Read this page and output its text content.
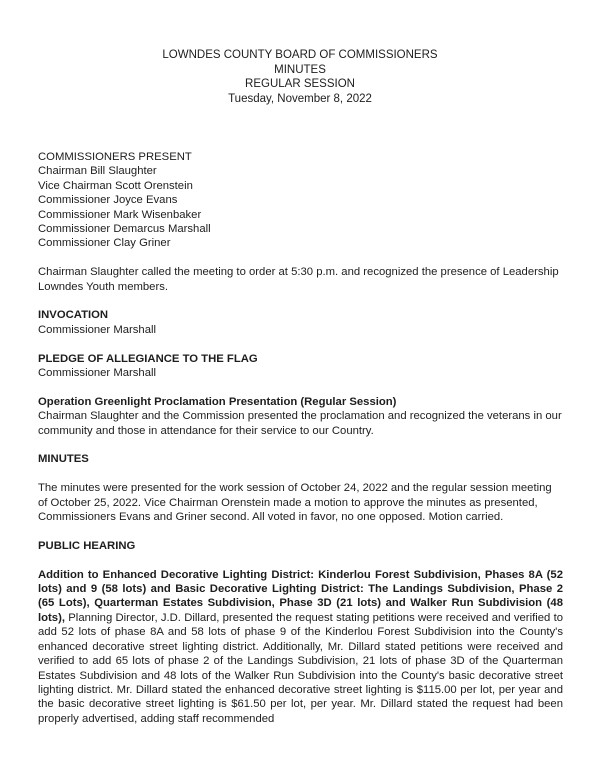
LOWNDES COUNTY BOARD OF COMMISSIONERS
MINUTES
REGULAR SESSION
Tuesday, November 8, 2022
COMMISSIONERS PRESENT
Chairman Bill Slaughter
Vice Chairman Scott Orenstein
Commissioner Joyce Evans
Commissioner Mark Wisenbaker
Commissioner Demarcus Marshall
Commissioner Clay Griner

Chairman Slaughter called the meeting to order at 5:30 p.m. and recognized the presence of Leadership Lowndes Youth members.

INVOCATION

Commissioner Marshall

PLEDGE OF ALLEGIANCE TO THE FLAG

Commissioner Marshall

Operation Greenlight Proclamation Presentation (Regular Session)

Chairman Slaughter and the Commission presented the proclamation and recognized the veterans in our community and those in attendance for their service to our Country.

MINUTES

The minutes were presented for the work session of October 24, 2022 and the regular session meeting of October 25, 2022. Vice Chairman Orenstein made a motion to approve the minutes as presented, Commissioners Evans and Griner second. All voted in favor, no one opposed. Motion carried.

PUBLIC HEARING

Addition to Enhanced Decorative Lighting District: Kinderlou Forest Subdivision, Phases 8A (52 lots) and 9 (58 lots) and Basic Decorative Lighting District: The Landings Subdivision, Phase 2 (65 Lots), Quarterman Estates Subdivision, Phase 3D (21 lots) and Walker Run Subdivision (48 lots), Planning Director, J.D. Dillard, presented the request stating petitions were received and verified to add 52 lots of phase 8A and 58 lots of phase 9 of the Kinderlou Forest Subdivision into the County's enhanced decorative street lighting district. Additionally, Mr. Dillard stated petitions were received and verified to add 65 lots of phase 2 of the Landings Subdivision, 21 lots of phase 3D of the Quarterman Estates Subdivision and 48 lots of the Walker Run Subdivision into the County's basic decorative street lighting district. Mr. Dillard stated the enhanced decorative street lighting is $115.00 per lot, per year and the basic decorative street lighting is $61.50 per lot, per year. Mr. Dillard stated the request had been properly advertised, adding staff recommended
